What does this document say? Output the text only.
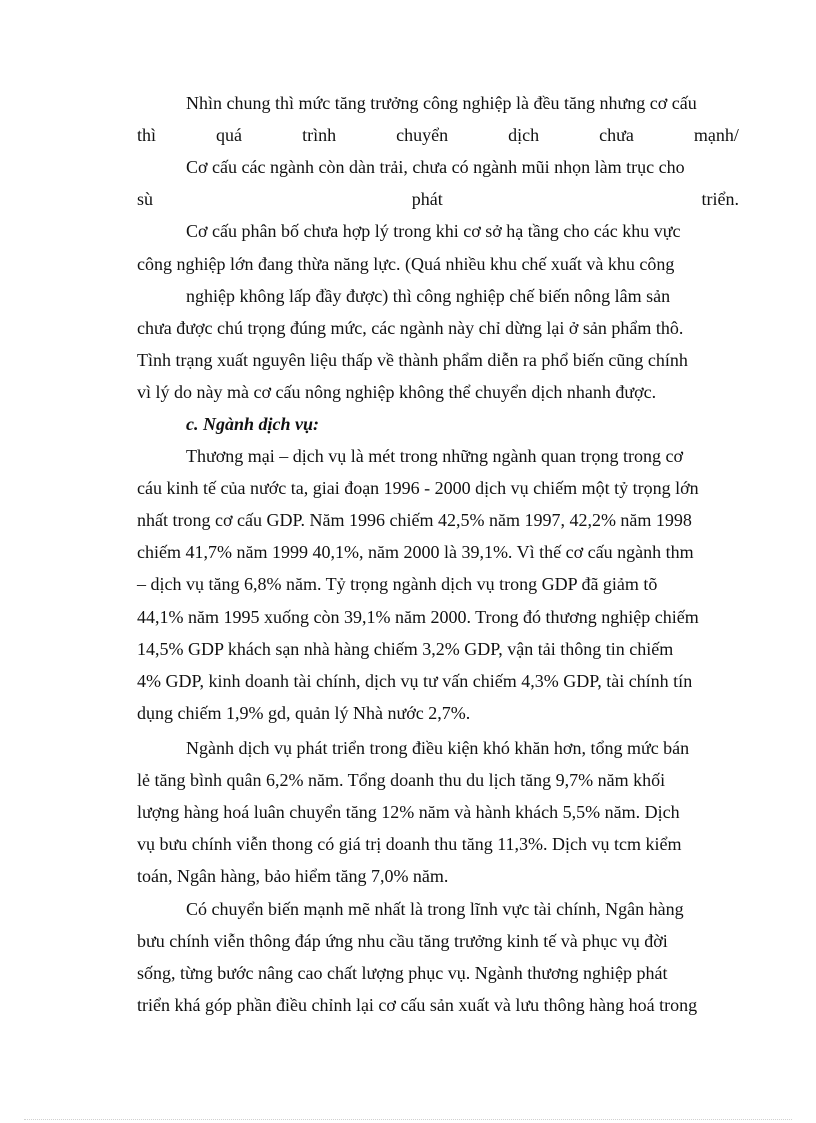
Nhìn chung thì mức tăng trưởng công nghiệp là đều tăng nhưng cơ cấu
thì	quá	trình	chuyển	dịch	chưa	mạnh/
Cơ cấu các ngành còn dàn trải, chưa có ngành mũi nhọn làm trục cho
sù	phát	triển.
Cơ cấu phân bố chưa hợp lý trong khi cơ sở hạ tầng cho các khu vực
công nghiệp lớn đang thừa năng lực. (Quá nhiều khu chế xuất và khu công
nghiệp không lấp đầy được) thì công nghiệp chế biến nông lâm sản
chưa được chú trọng đúng mức, các ngành này chỉ dừng lại ở sản phẩm thô.
Tình trạng xuất nguyên liệu thấp về thành phẩm diễn ra phổ biến cũng chính
vì lý do này mà cơ cấu nông nghiệp không thể chuyển dịch nhanh được.
c. Ngành dịch vụ:
Thương mại – dịch vụ là mét trong những ngành quan trọng trong cơ
cáu kinh tế của nước ta, giai đoạn 1996 - 2000 dịch vụ chiếm một tỷ trọng lớn
nhất trong cơ cấu GDP. Năm 1996 chiếm 42,5% năm 1997, 42,2% năm 1998
chiếm 41,7% năm 1999 40,1%, năm 2000 là 39,1%. Vì thế cơ cấu ngành thm
– dịch vụ tăng 6,8% năm. Tỷ trọng ngành dịch vụ trong GDP đã giảm tõ
44,1% năm 1995 xuống còn 39,1% năm 2000. Trong đó thương nghiệp chiếm
14,5% GDP khách sạn nhà hàng chiếm 3,2% GDP, vận tải thông tin chiếm
4% GDP, kinh doanh tài chính, dịch vụ tư vấn chiếm 4,3% GDP, tài chính tín
dụng chiếm 1,9% gd, quản lý Nhà nước 2,7%.
Ngành dịch vụ phát triển trong điều kiện khó khăn hơn, tổng mức bán
lẻ tăng bình quân 6,2% năm. Tổng doanh thu du lịch tăng 9,7% năm khối
lượng hàng hoá luân chuyển tăng 12% năm và hành khách 5,5% năm. Dịch
vụ bưu chính viễn thong có giá trị doanh thu tăng 11,3%. Dịch vụ tcm kiểm
toán, Ngân hàng, bảo hiểm tăng 7,0% năm.
Có chuyển biến mạnh mẽ nhất là trong lĩnh vực tài chính, Ngân hàng
bưu chính viễn thông đáp ứng nhu cầu tăng trưởng kinh tế và phục vụ đời
sống, từng bước nâng cao chất lượng phục vụ. Ngành thương nghiệp phát
triển khá góp phần điều chỉnh lại cơ cấu sản xuất và lưu thông hàng hoá trong
